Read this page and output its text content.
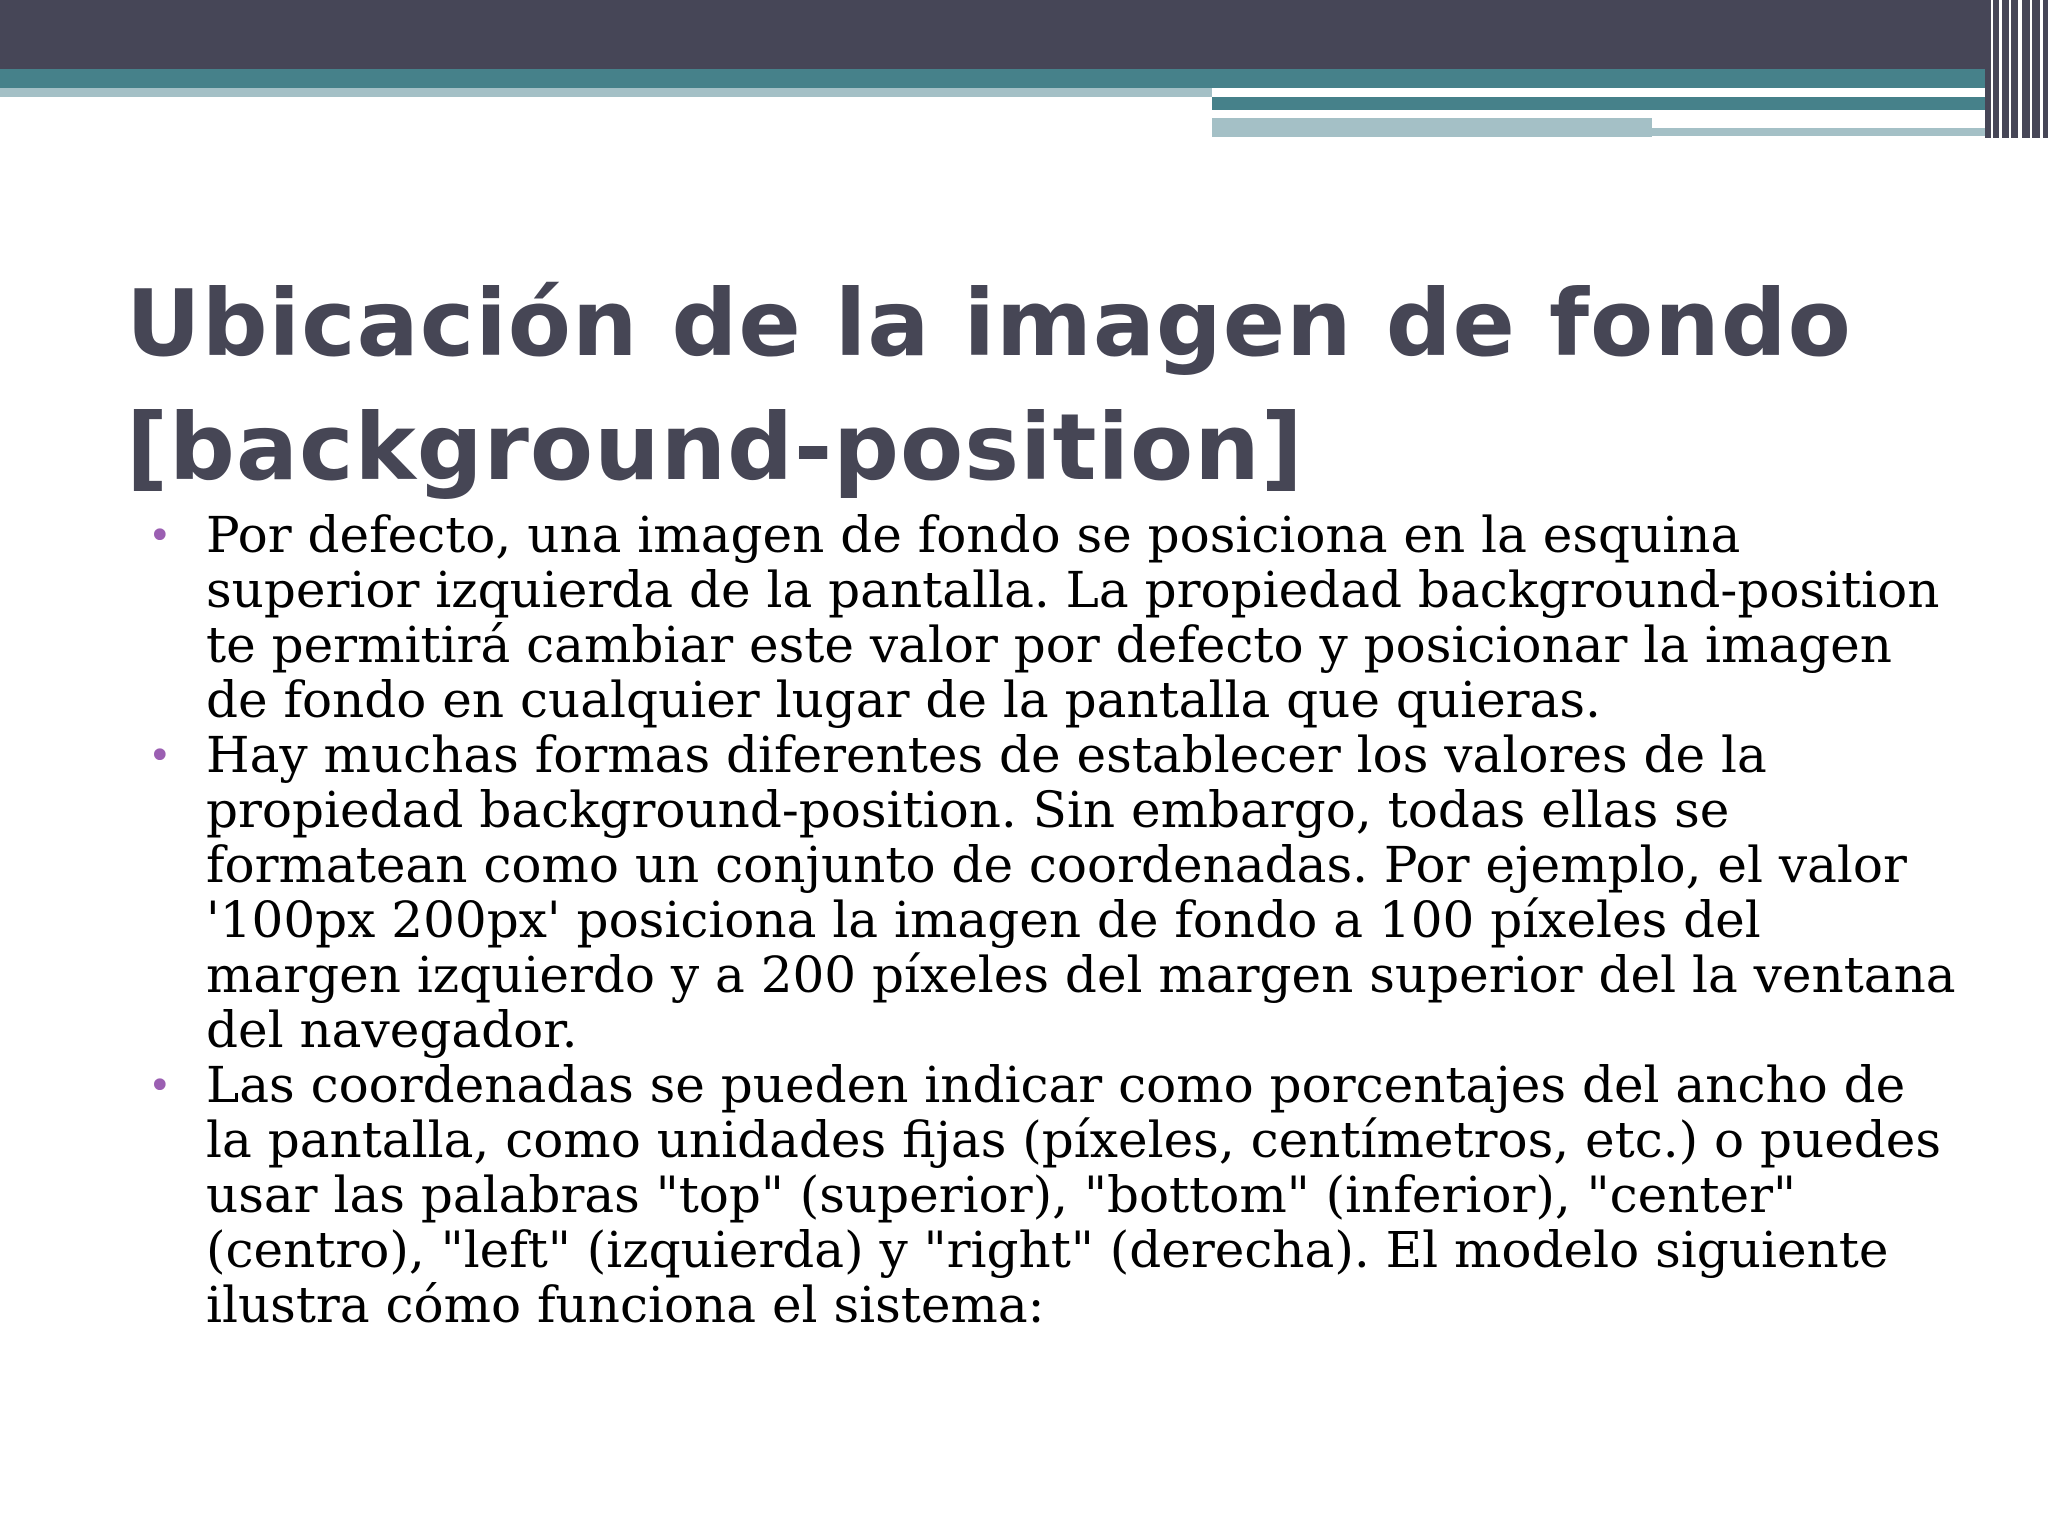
Ubicación de la imagen de fondo
[background-position]
• Por defecto, una imagen de fondo se posiciona en la esquina
superior izquierda de la pantalla. La propiedad background-position
te permitirá cambiar este valor por defecto y posicionar la imagen
de fondo en cualquier lugar de la pantalla que quieras.
• Hay muchas formas diferentes de establecer los valores de la
propiedad background-position. Sin embargo, todas ellas se
formatean como un conjunto de coordenadas. Por ejemplo, el valor
'100px 200px' posiciona la imagen de fondo a 100 píxeles del
margen izquierdo y a 200 píxeles del margen superior del la ventana
del navegador.
• Las coordenadas se pueden indicar como porcentajes del ancho de
la pantalla, como unidades fijas (píxeles, centímetros, etc.) o puedes
usar las palabras "top" (superior), "bottom" (inferior), "center"
(centro), "left" (izquierda) y "right" (derecha). El modelo siguiente
ilustra cómo funciona el sistema:
